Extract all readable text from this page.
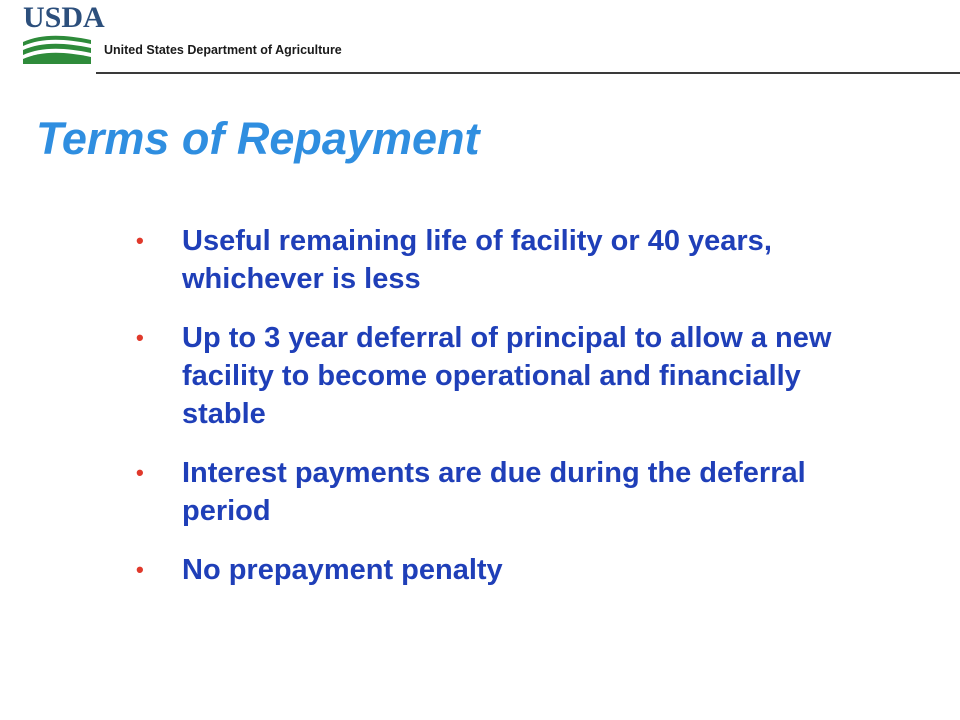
USDA
United States Department of Agriculture
Terms of Repayment
• Useful remaining life of facility or 40 years, whichever is less
• Up to 3 year deferral of principal to allow a new facility to become operational and financially stable
• Interest payments are due during the deferral period
• No prepayment penalty
